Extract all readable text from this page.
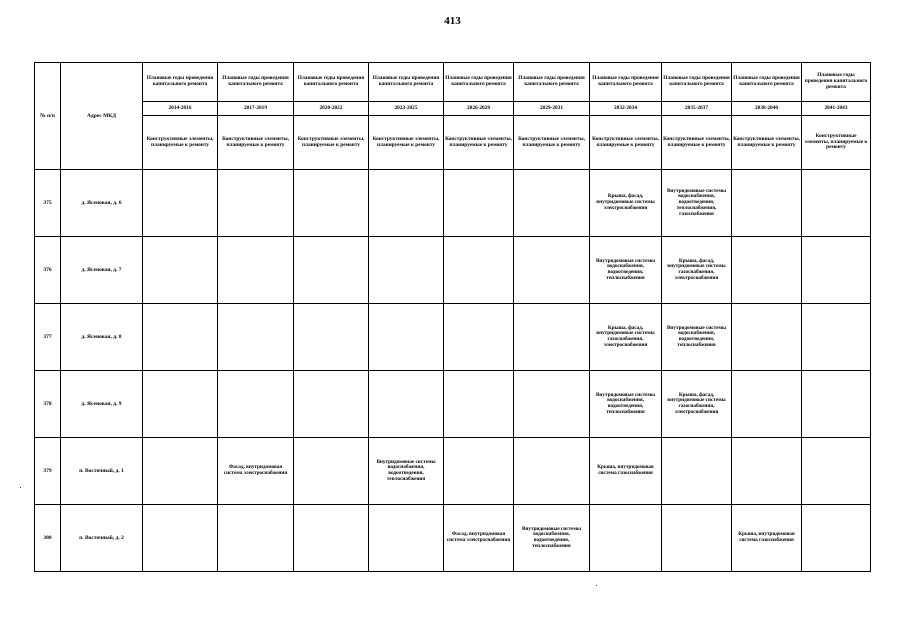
413
№ п/п	Адрес МКД	Плановые годы проведения капитального ремонта	Плановые годы проведения капитального ремонта	Плановые годы проведения капитального ремонта	Плановые годы проведения капитального ремонта	Плановые годы проведения капитального ремонта	Плановые годы проведения капитального ремонта	Плановые годы проведения капитального ремонта	Плановые годы проведения капитального ремонта	Плановые годы проведения капитального ремонта	Плановые годы проведения капитального ремонта
		2014-2016	2017-2019	2020-2022	2023-2025	2026-2028	2029-2031	2032-2034	2035-2037	2038-2040	2041-2043
		Конструктивные элементы, планируемые к ремонту	Конструктивные элементы, планируемые к ремонту	Конструктивные элементы, планируемые к ремонту	Конструктивные элементы, планируемые к ремонту	Конструктивные элементы, планируемые к ремонту	Конструктивные элементы, планируемые к ремонту	Конструктивные элементы, планируемые к ремонту	Конструктивные элементы, планируемые к ремонту	Конструктивные элементы, планируемые к ремонту	Конструктивные элементы, планируемые к ремонту
375	д. Ясеновая, д. 6							Крыша, фасад, внутридомовые системы электроснабжения	Внутридомовые системы водоснабжения, водоотведения, теплоснабжения, газоснабжения		
376	д. Ясеновая, д. 7							Внутридомовые системы водоснабжения, водоотведения, теплоснабжения	Крыша, фасад, внутридомовые системы газоснабжения, электроснабжения		
377	д. Ясеновая, д. 8							Крыша, фасад, внутридомовые системы газоснабжения, электроснабжения	Внутридомовые системы водоснабжения, водоотведения, теплоснабжения		
378	д. Ясеновая, д. 9							Внутридомовые системы водоснабжения, водоотведения, теплоснабжения	Крыша, фасад, внутридомовые системы газоснабжения, электроснабжения		
379	п. Восточный, д. 1		Фасад, внутридомовая система электроснабжения		Внутридомовые системы водоснабжения, водоотведения, теплоснабжения			Крыша, внутридомовая система газоснабжения			
380	п. Восточный, д. 2					Фасад, внутридомовая система электроснабжения	Внутридомовые системы водоснабжения, водоотведения, теплоснабжения			Крыша, внутридомовая система газоснабжения	
